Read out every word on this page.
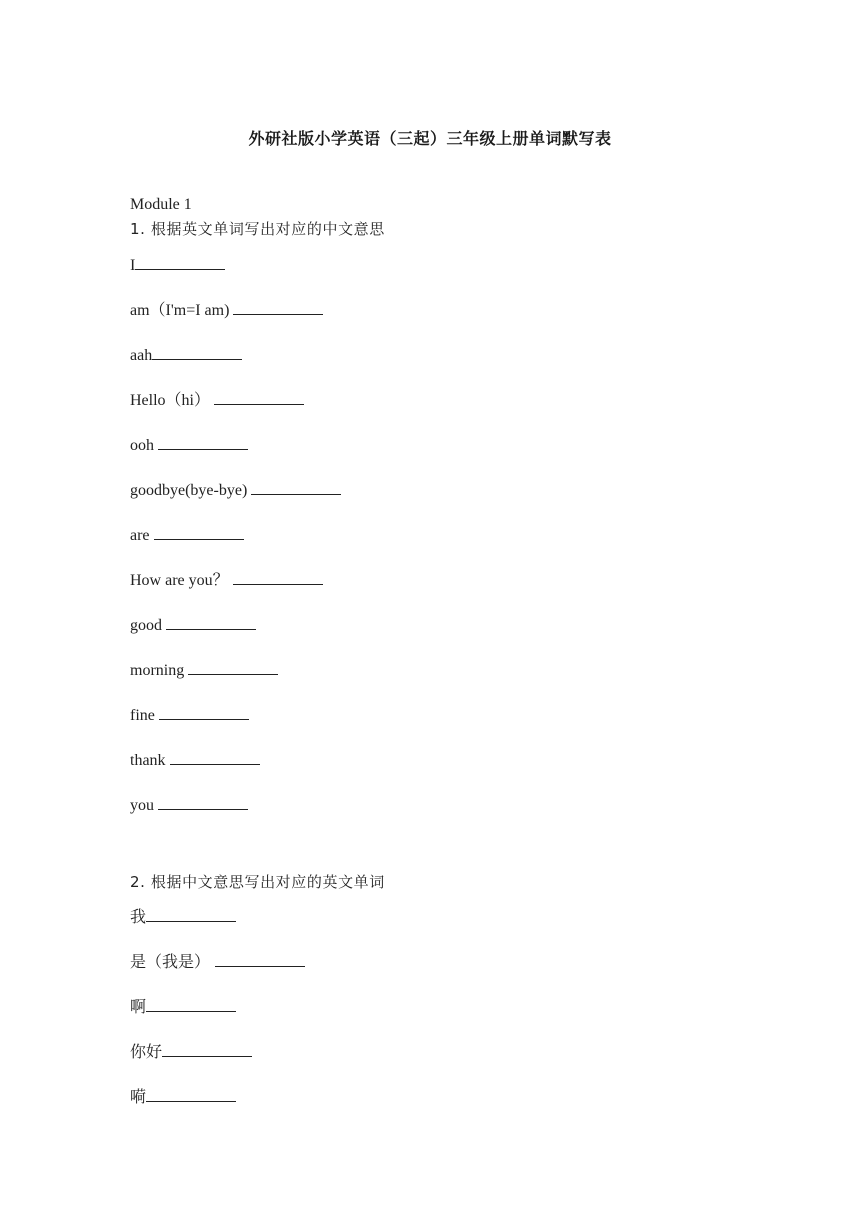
外研社版小学英语（三起）三年级上册单词默写表
Module 1
1. 根据英文单词写出对应的中文意思
I
am（I'm=I am)
aah
Hello（hi）
ooh
goodbye(bye-bye)
are
How are you？
good
morning
fine
thank
you
2. 根据中文意思写出对应的英文单词
我
是（我是）
啊
你好
嗬
